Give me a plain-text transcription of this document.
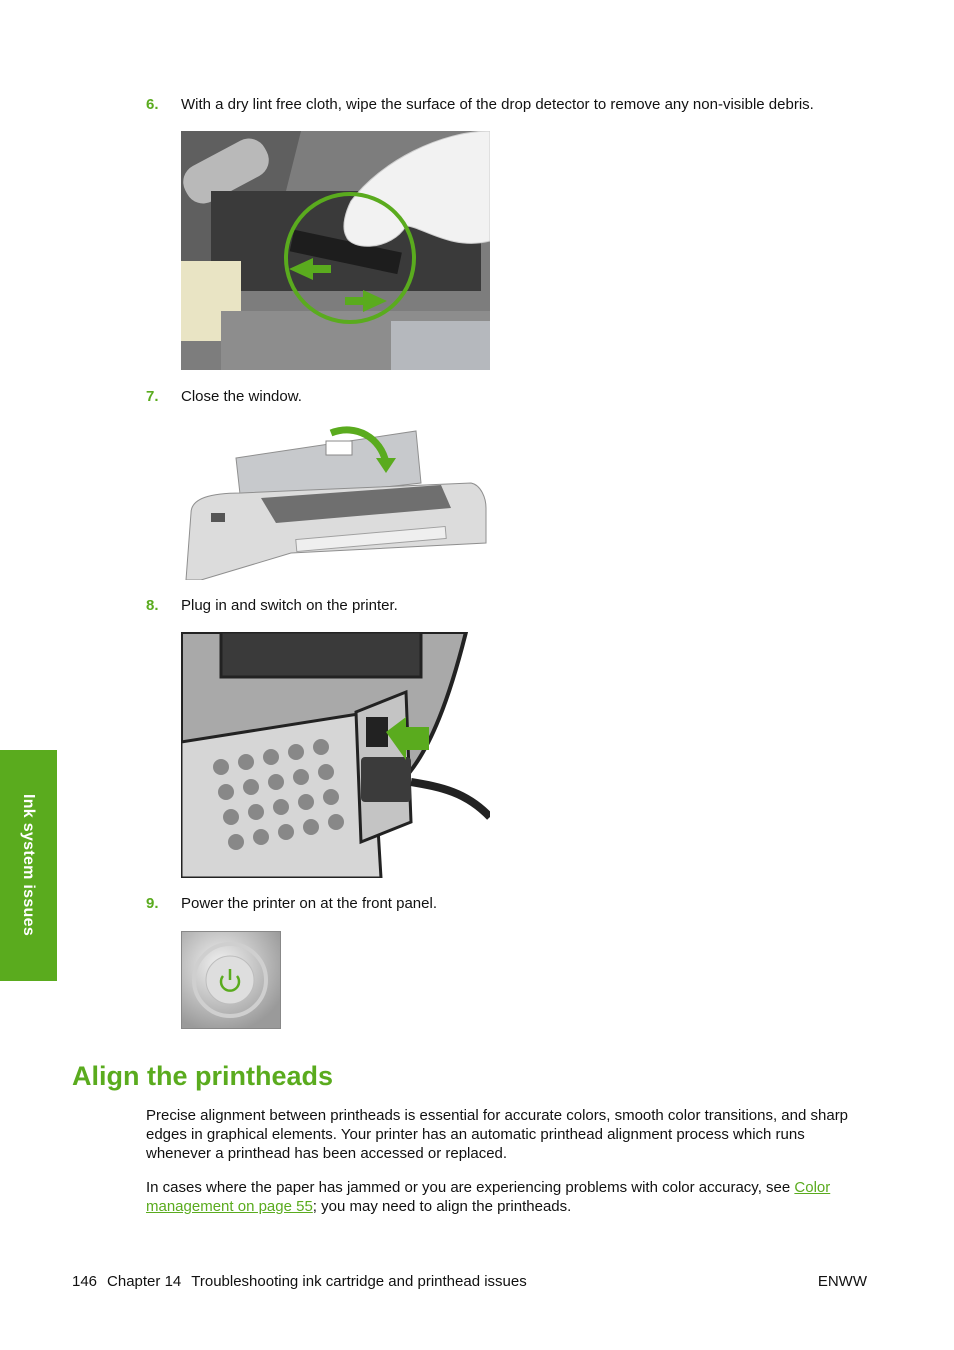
6. With a dry lint free cloth, wipe the surface of the drop detector to remove any non-visible debris.
7. Close the window.
8. Plug in and switch on the printer.
9. Power the printer on at the front panel.
Ink system issues
Align the printheads

Precise alignment between printheads is essential for accurate colors, smooth color transitions, and sharp edges in graphical elements. Your printer has an automatic printhead alignment process which runs whenever a printhead has been accessed or replaced.

In cases where the paper has jammed or you are experiencing problems with color accuracy, see Color management on page 55; you may need to align the printheads.

146 Chapter 14 Troubleshooting ink cartridge and printhead issues	ENWW
